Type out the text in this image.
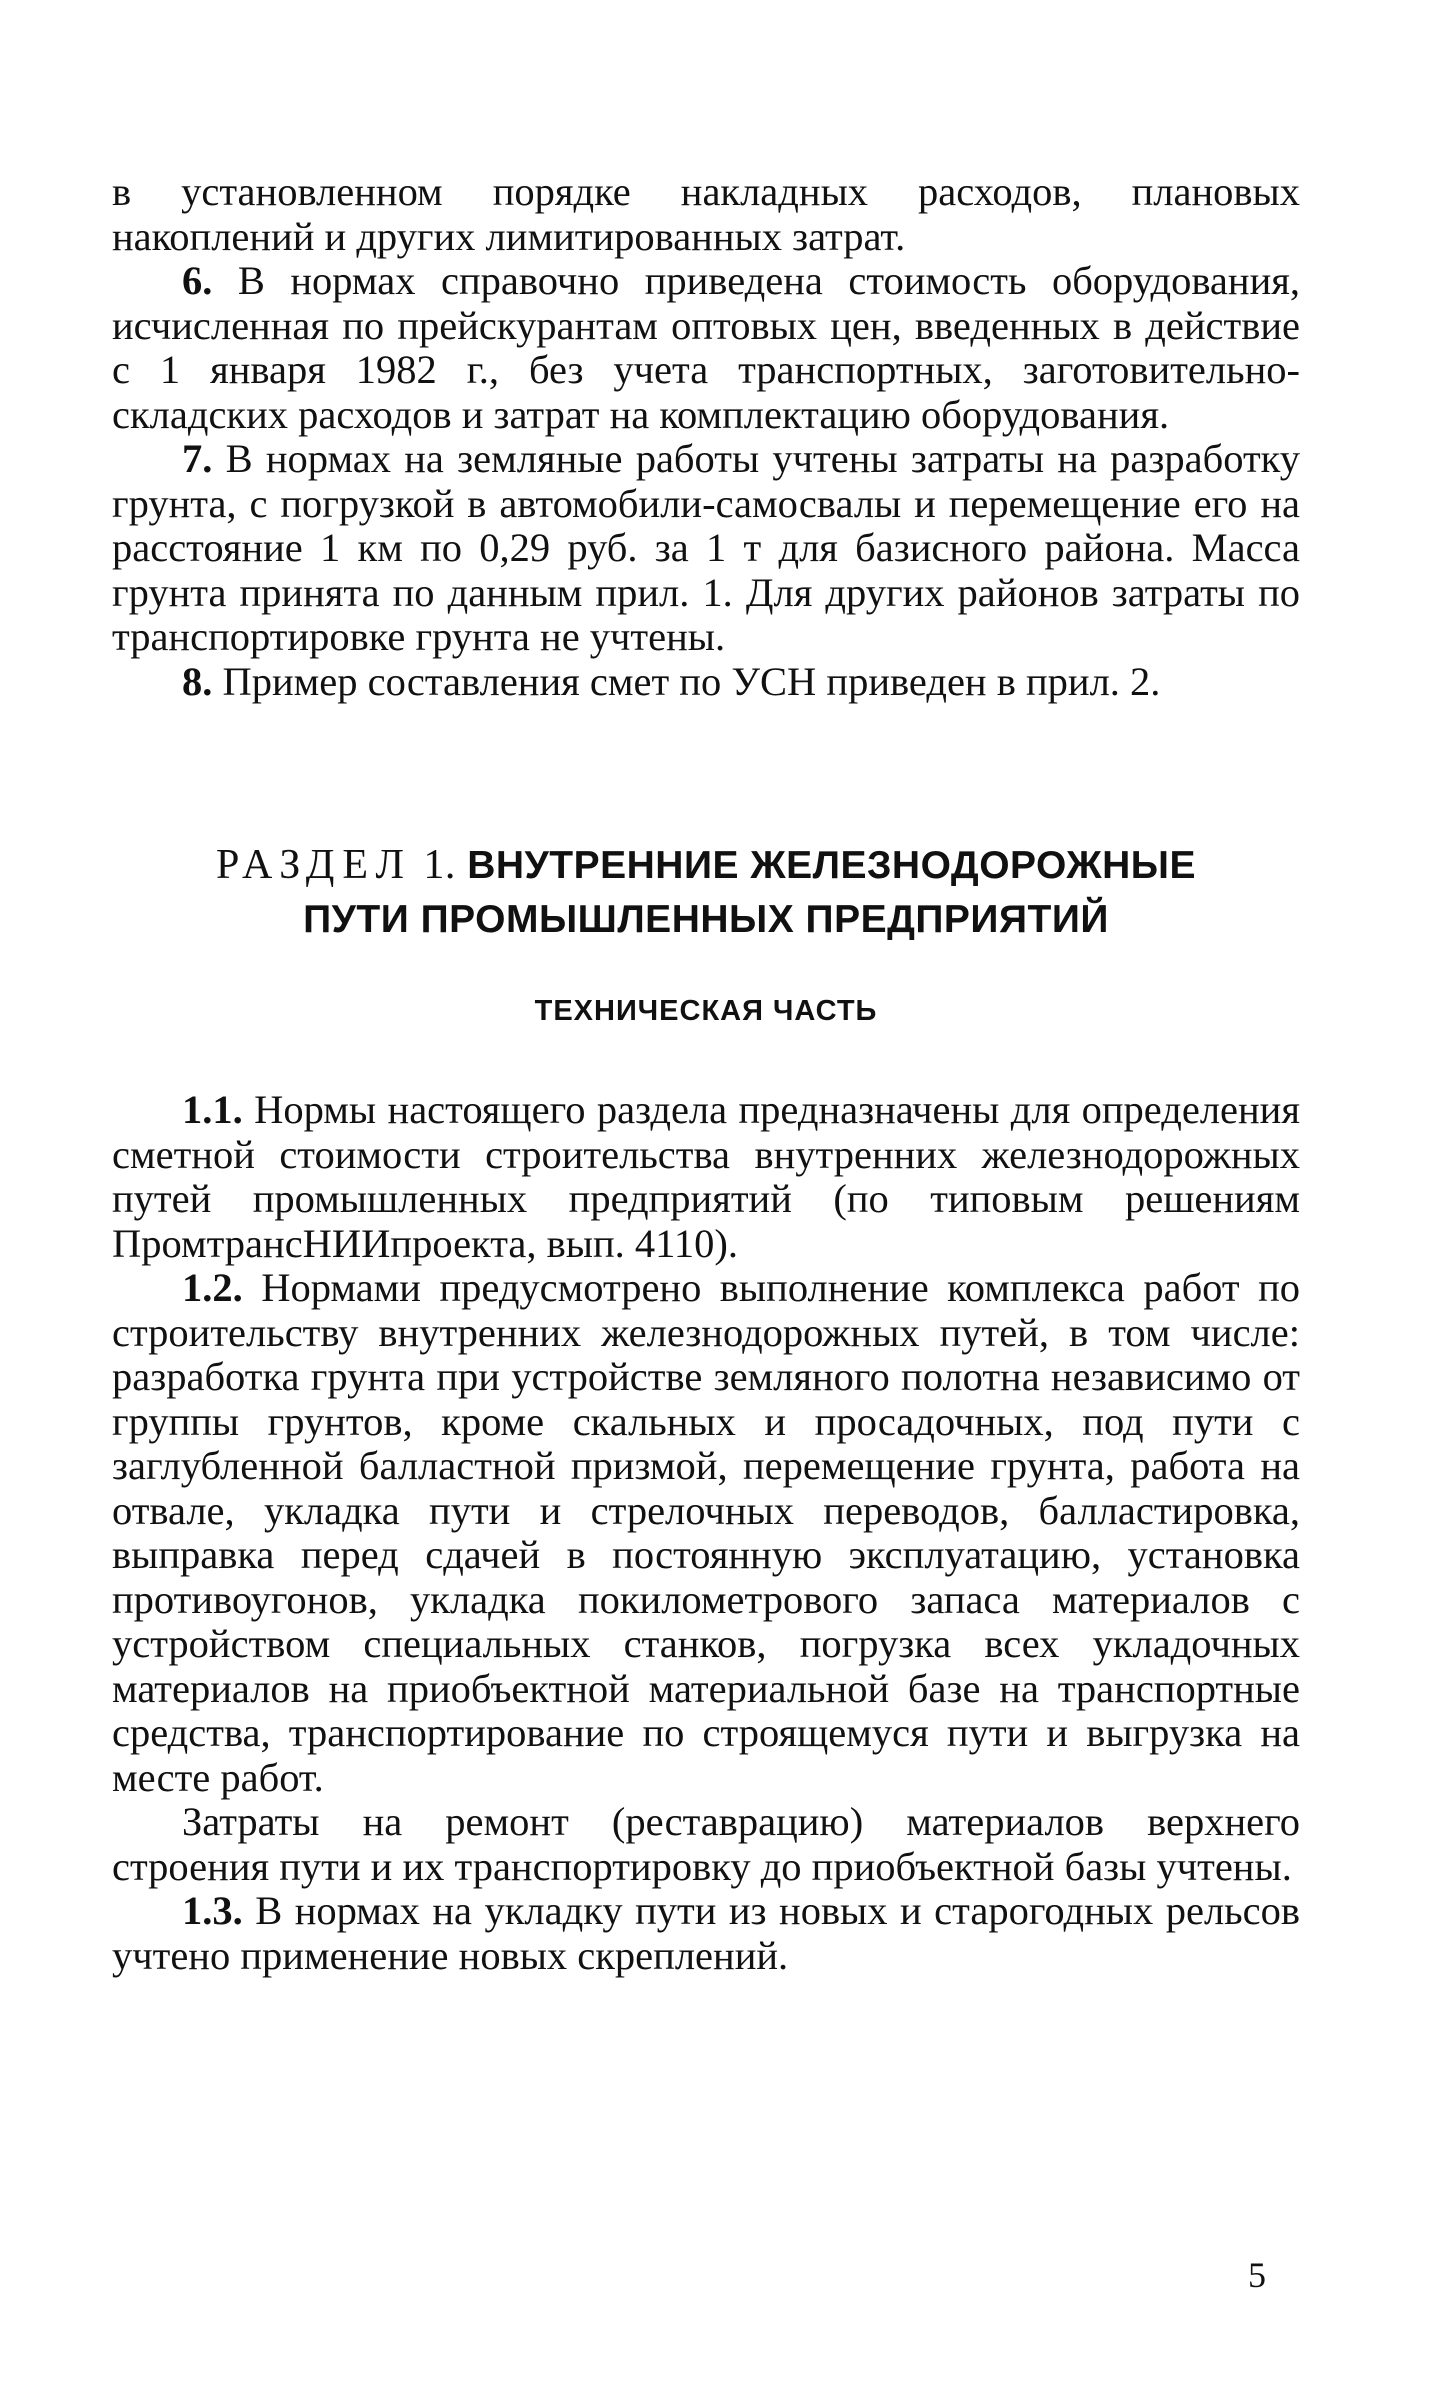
в установленном порядке накладных расходов, плановых накоплений и других лимитированных затрат.

6. В нормах справочно приведена стоимость оборудования, исчисленная по прейскурантам оптовых цен, введенных в действие с 1 января 1982 г., без учета транспортных, заготовительно-складских расходов и затрат на комплектацию оборудования.

7. В нормах на земляные работы учтены затраты на разработку грунта, с погрузкой в автомобили-самосвалы и перемещение его на расстояние 1 км по 0,29 руб. за 1 т для базисного района. Масса грунта принята по данным прил. 1. Для других районов затраты по транспортировке грунта не учтены.

8. Пример составления смет по УСН приведен в прил. 2.

РАЗДЕЛ 1. ВНУТРЕННИЕ ЖЕЛЕЗНОДОРОЖНЫЕ
ПУТИ ПРОМЫШЛЕННЫХ ПРЕДПРИЯТИЙ
ТЕХНИЧЕСКАЯ ЧАСТЬ

1.1. Нормы настоящего раздела предназначены для определения сметной стоимости строительства внутренних железнодорожных путей промышленных предприятий (по типовым решениям ПромтрансНИИпроекта, вып. 4110).

1.2. Нормами предусмотрено выполнение комплекса работ по строительству внутренних железнодорожных путей, в том числе: разработка грунта при устройстве земляного полотна независимо от группы грунтов, кроме скальных и просадочных, под пути с заглубленной балластной призмой, перемещение грунта, работа на отвале, укладка пути и стрелочных переводов, балластировка, выправка перед сдачей в постоянную эксплуатацию, установка противоугонов, укладка покилометрового запаса материалов с устройством специальных станков, погрузка всех укладочных материалов на приобъектной материальной базе на транспортные средства, транспортирование по строящемуся пути и выгрузка на месте работ.

Затраты на ремонт (реставрацию) материалов верхнего строения пути и их транспортировку до приобъектной базы учтены.

1.3. В нормах на укладку пути из новых и старогодных рельсов учтено применение новых скреплений.

5
